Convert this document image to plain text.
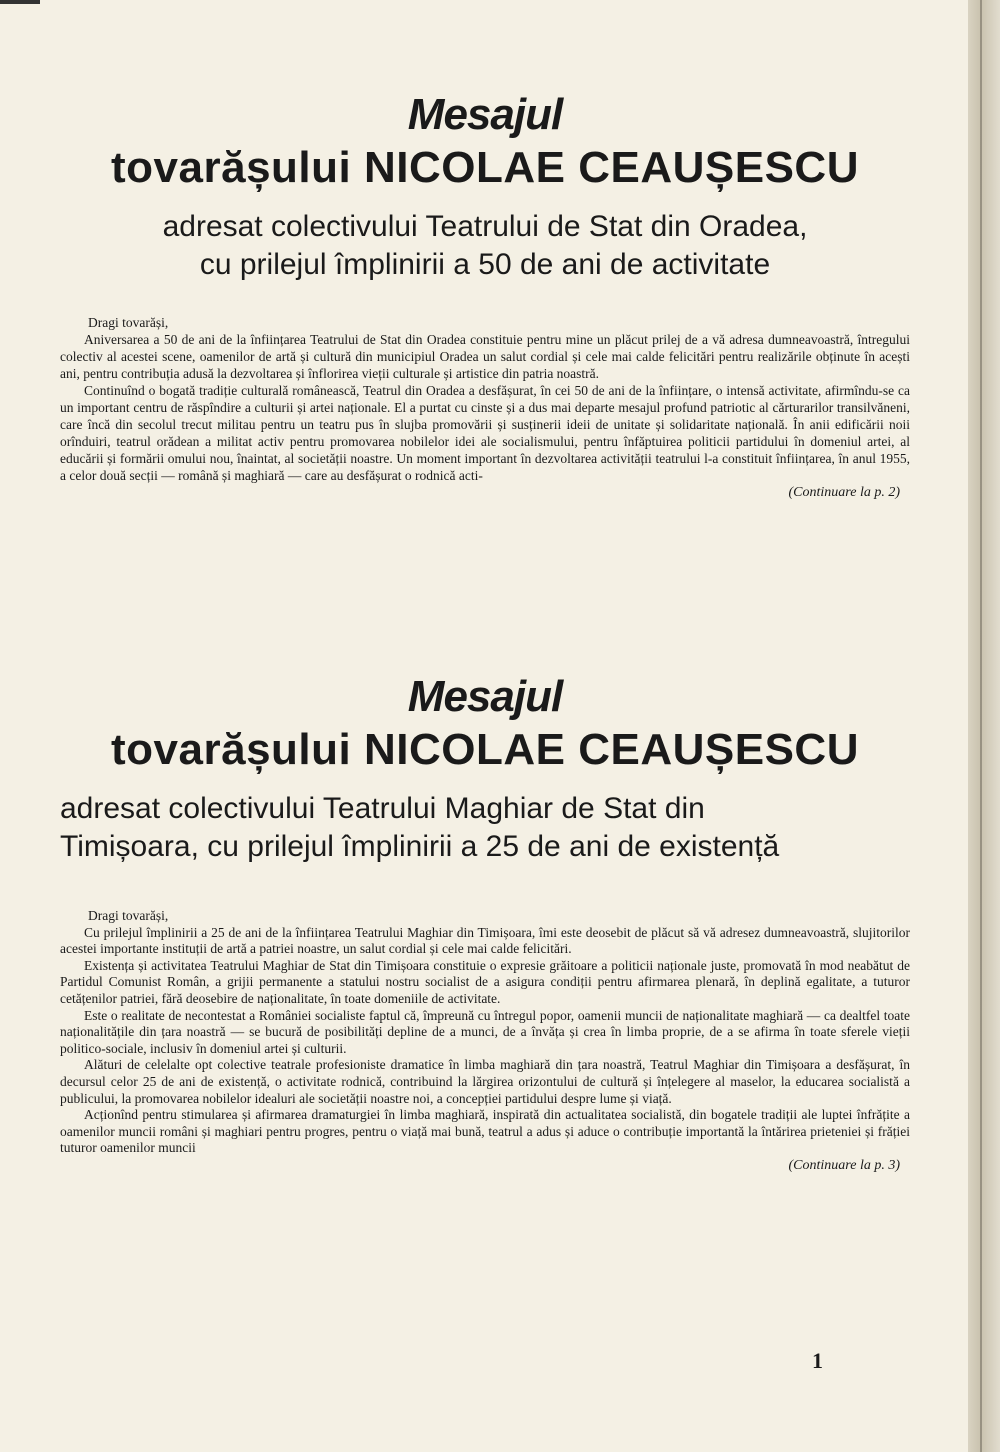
Mesajul
tovarășului NICOLAE CEAUȘESCU
adresat colectivului Teatrului de Stat din Oradea,
cu prilejul împlinirii a 50 de ani de activitate

Dragi tovarăși,

Aniversarea a 50 de ani de la înființarea Teatrului de Stat din Oradea constituie pentru mine un plăcut prilej de a vă adresa dumneavoastră, întregului colectiv al acestei scene, oamenilor de artă și cultură din municipiul Oradea un salut cordial și cele mai calde felicitări pentru realizările obținute în acești ani, pentru contribuția adusă la dezvoltarea și înflorirea vieții culturale și artistice din patria noastră.

Continuînd o bogată tradiție culturală românească, Teatrul din Oradea a desfășurat, în cei 50 de ani de la înființare, o intensă activitate, afirmîndu-se ca un important centru de răspîndire a culturii și artei naționale. El a purtat cu cinste și a dus mai departe mesajul profund patriotic al cărturarilor transilvăneni, care încă din secolul trecut militau pentru un teatru pus în slujba promovării și susținerii ideii de unitate și solidaritate națională. În anii edificării noii orînduiri, teatrul orădean a militat activ pentru promovarea nobilelor idei ale socialismului, pentru înfăptuirea politicii partidului în domeniul artei, al educării și formării omului nou, înaintat, al societății noastre. Un moment important în dezvoltarea activității teatrului l-a constituit înființarea, în anul 1955, a celor două secții — română și maghiară — care au desfășurat o rodnică acti-

(Continuare la p. 2)

Mesajul
tovarășului NICOLAE CEAUȘESCU
adresat colectivului Teatrului Maghiar de Stat din
Timișoara, cu prilejul împlinirii a 25 de ani de existență

Dragi tovarăși,

Cu prilejul împlinirii a 25 de ani de la înființarea Teatrului Maghiar din Timișoara, îmi este deosebit de plăcut să vă adresez dumneavoastră, slujitorilor acestei importante instituții de artă a patriei noastre, un salut cordial și cele mai calde felicitări.

Existența și activitatea Teatrului Maghiar de Stat din Timișoara constituie o expresie grăitoare a politicii naționale juste, promovată în mod neabătut de Partidul Comunist Român, a grijii permanente a statului nostru socialist de a asigura condiții pentru afirmarea plenară, în deplină egalitate, a tuturor cetățenilor patriei, fără deosebire de naționalitate, în toate domeniile de activitate.

Este o realitate de necontestat a României socialiste faptul că, împreună cu întregul popor, oamenii muncii de naționalitate maghiară — ca dealtfel toate naționalitățile din țara noastră — se bucură de posibilități depline de a munci, de a învăța și crea în limba proprie, de a se afirma în toate sferele vieții politico-sociale, inclusiv în domeniul artei și culturii.

Alături de celelalte opt colective teatrale profesioniste dramatice în limba maghiară din țara noastră, Teatrul Maghiar din Timișoara a desfășurat, în decursul celor 25 de ani de existență, o activitate rodnică, contribuind la lărgirea orizontului de cultură și înțelegere al maselor, la educarea socialistă a publicului, la promovarea nobilelor idealuri ale societății noastre noi, a concepției partidului despre lume și viață.

Acționînd pentru stimularea și afirmarea dramaturgiei în limba maghiară, inspirată din actualitatea socialistă, din bogatele tradiții ale luptei înfrățite a oamenilor muncii români și maghiari pentru progres, pentru o viață mai bună, teatrul a adus și aduce o contribuție importantă la întărirea prieteniei și frăției tuturor oamenilor muncii

(Continuare la p. 3)

1
